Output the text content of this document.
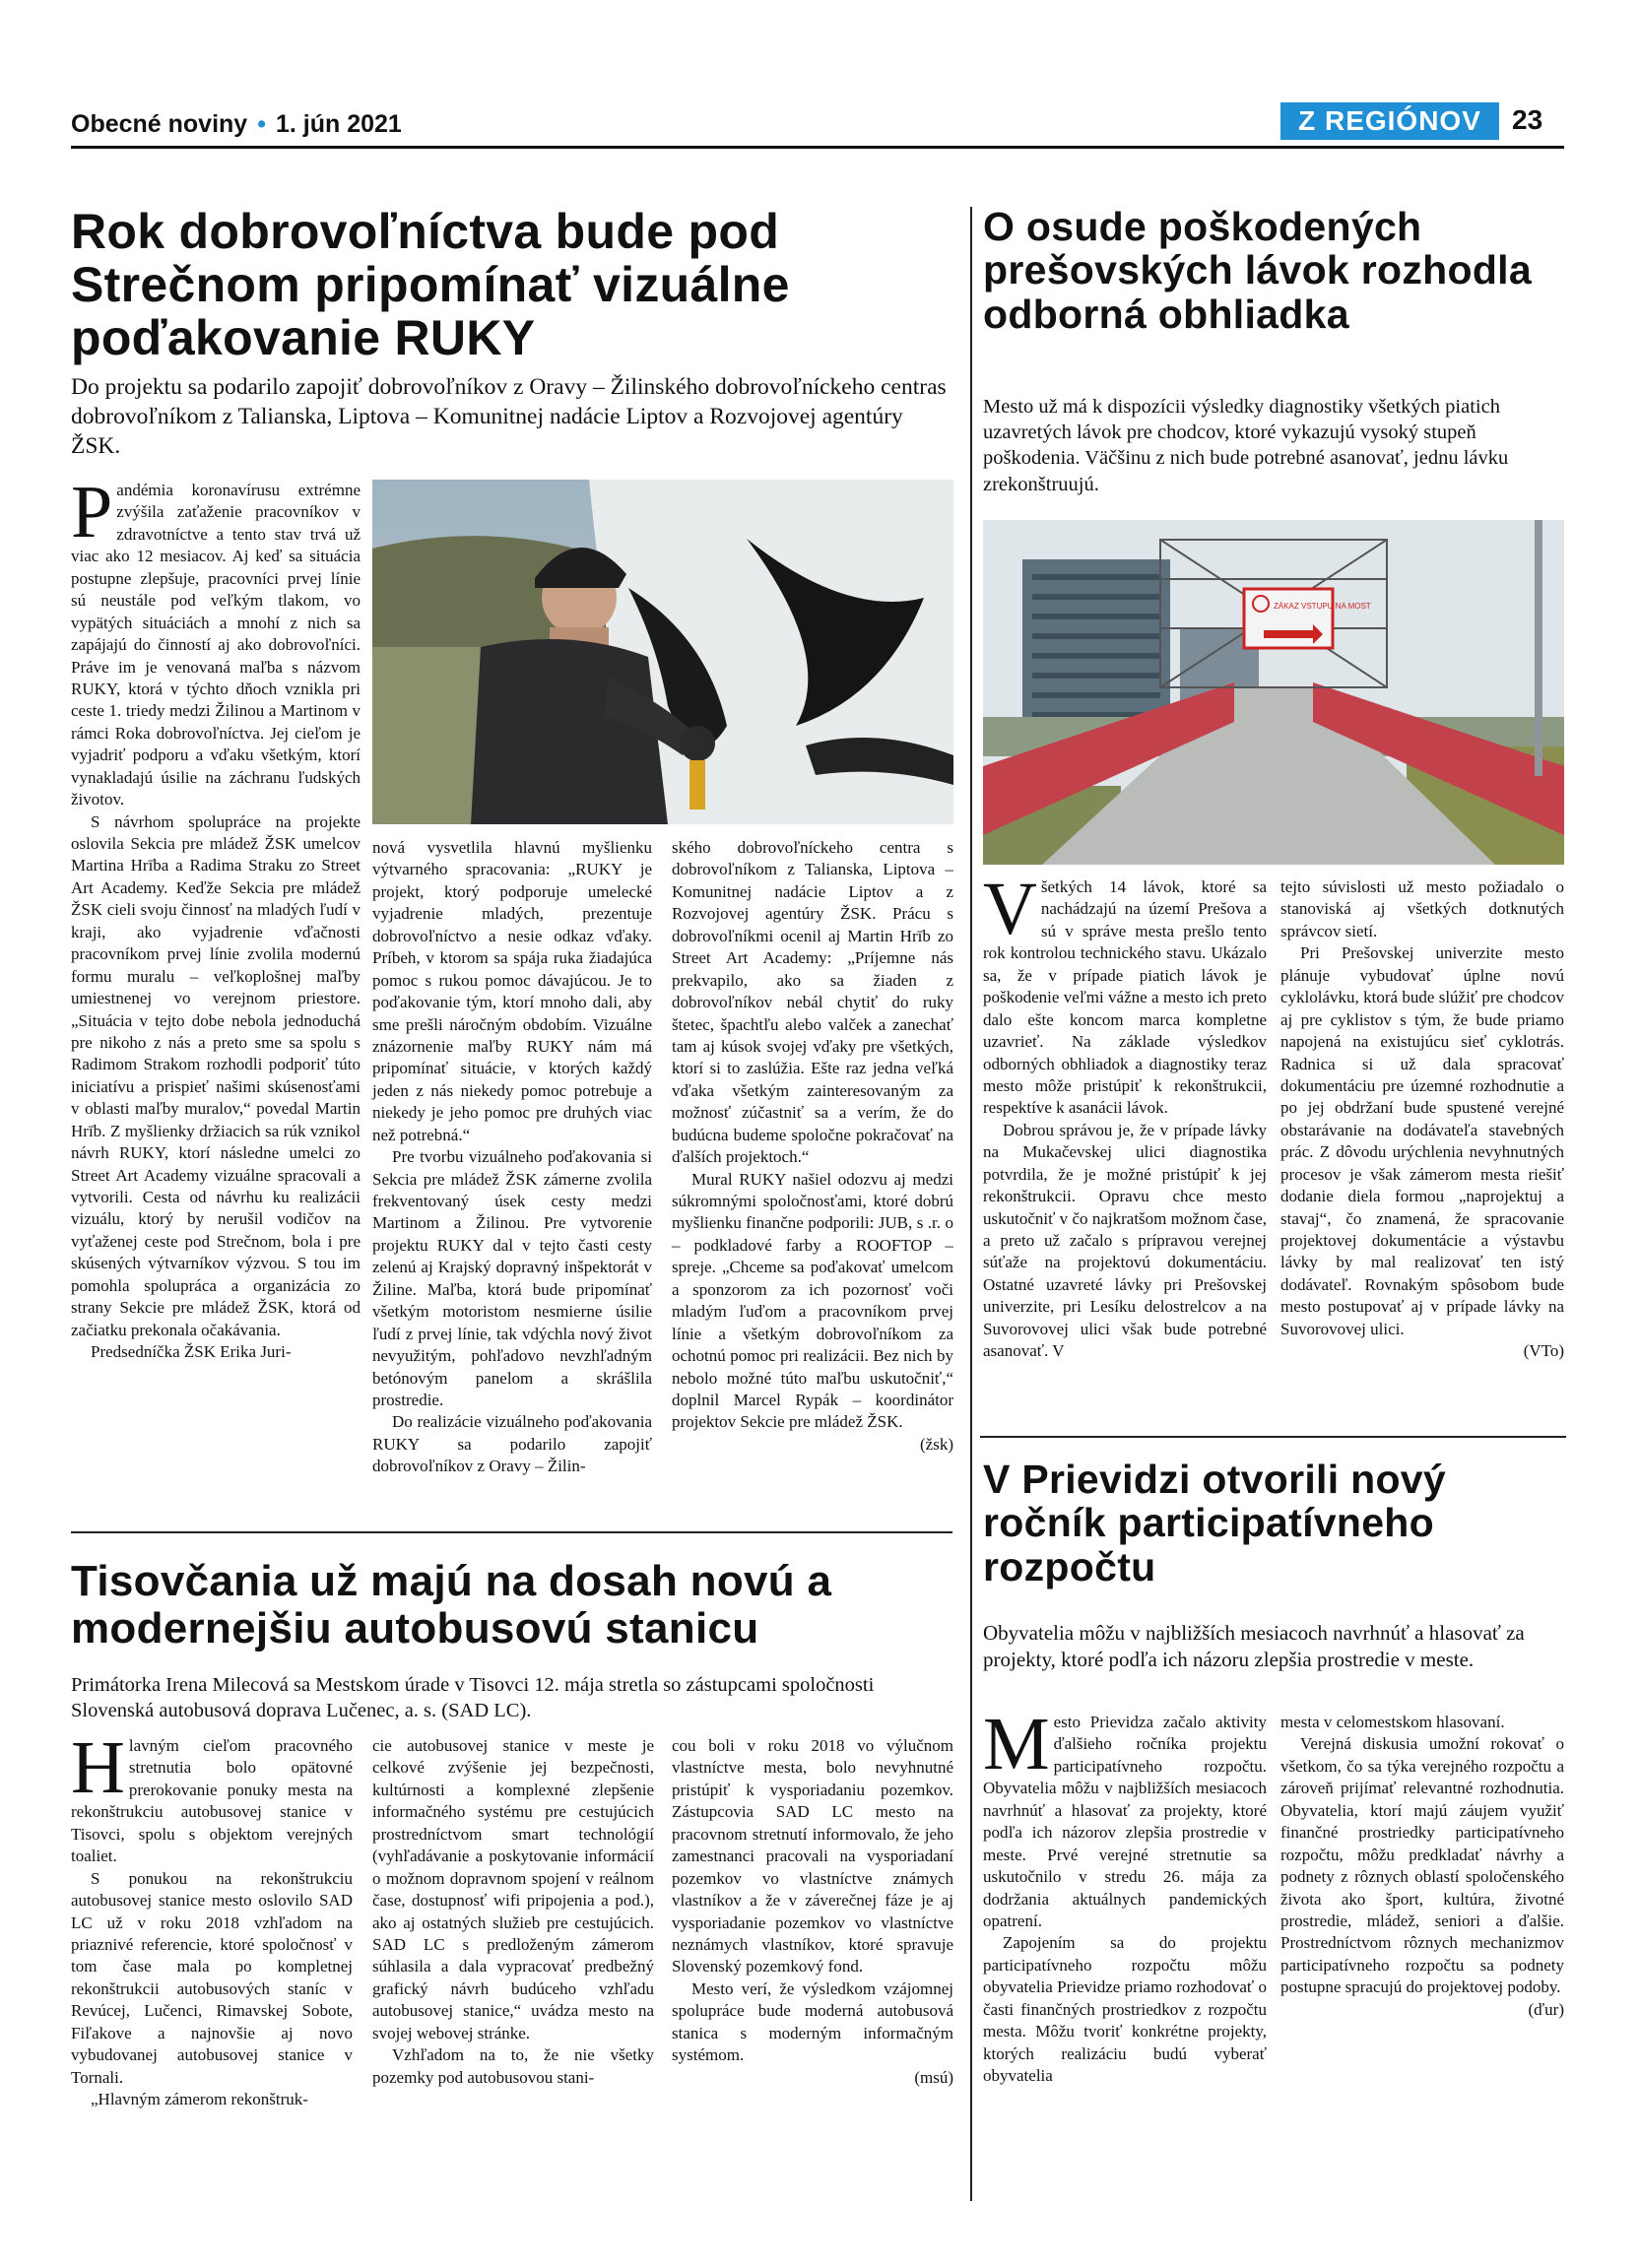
Obecné noviny • 1. jún 2021	Z REGIÓNOV	23
Rok dobrovoľníctva bude pod Strečnom pripomínať vizuálne poďakovanie RUKY
Do projektu sa podarilo zapojiť dobrovoľníkov z Oravy – Žilinského dobrovoľníckeho centras dobrovoľníkom z Talianska, Liptova – Komunitnej nadácie Liptov a Rozvojovej agentúry ŽSK.

Pandémia koronavírusu extrémne zvýšila zaťaženie pracovníkov v zdravotníctve a tento stav trvá už viac ako 12 mesiacov. Aj keď sa situácia postupne zlepšuje, pracovníci prvej línie sú neustále pod veľkým tlakom, vo vypätých situáciách a mnohí z nich sa zapájajú do činností aj ako dobrovoľníci. Práve im je venovaná maľba s názvom RUKY, ktorá v týchto dňoch vznikla pri ceste 1. triedy medzi Žilinou a Martinom v rámci Roka dobrovoľníctva. Jej cieľom je vyjadriť podporu a vďaku všetkým, ktorí vynakladajú úsilie na záchranu ľudských životov.

S návrhom spolupráce na projekte oslovila Sekcia pre mládež ŽSK umelcov Martina Hrība a Radima Straku zo Street Art Academy. Keďže Sekcia pre mládež ŽSK cieli svoju činnosť na mladých ľudí v kraji, ako vyjadrenie vďačnosti pracovníkom prvej línie zvolila modernú formu muralu – veľkoplošnej maľby umiestnenej vo verejnom priestore. „Situácia v tejto dobe nebola jednoduchá pre nikoho z nás a preto sme sa spolu s Radimom Strakom rozhodli podporiť túto iniciatívu a prispieť našimi skúsenosťami v oblasti maľby muralov,“ povedal Martin Hrīb. Z myšlienky držiacich sa rúk vznikol návrh RUKY, ktorí následne umelci zo Street Art Academy vizuálne spracovali a vytvorili. Cesta od návrhu ku realizácii vizuálu, ktorý by nerušil vodičov na vyťaženej ceste pod Strečnom, bola i pre skúsených výtvarníkov výzvou. S tou im pomohla spolupráca a organizácia zo strany Sekcie pre mládež ŽSK, ktorá od začiatku prekonala očakávania.

Predsedníčka ŽSK Erika Juri-

nová vysvetlila hlavnú myšlienku výtvarného spracovania: „RUKY je projekt, ktorý podporuje umelecké vyjadrenie mladých, prezentuje dobrovoľníctvo a nesie odkaz vďaky. Príbeh, v ktorom sa spája ruka žiadajúca pomoc s rukou pomoc dávajúcou. Je to poďakovanie tým, ktorí mnoho dali, aby sme prešli náročným obdobím. Vizuálne znázornenie maľby RUKY nám má pripomínať situácie, v ktorých každý jeden z nás niekedy pomoc potrebuje a niekedy je jeho pomoc pre druhých viac než potrebná.“

Pre tvorbu vizuálneho poďakovania si Sekcia pre mládež ŽSK zámerne zvolila frekventovaný úsek cesty medzi Martinom a Žilinou. Pre vytvorenie projektu RUKY dal v tejto časti cesty zelenú aj Krajský dopravný inšpektorát v Žiline. Maľba, ktorá bude pripomínať všetkým motoristom nesmierne úsilie ľudí z prvej línie, tak vdýchla nový život nevyužitým, pohľadovo nevzhľadným betónovým panelom a skrášlila prostredie.

Do realizácie vizuálneho poďakovania RUKY sa podarilo zapojiť dobrovoľníkov z Oravy – Žilin-

ského dobrovoľníckeho centra s dobrovoľníkom z Talianska, Liptova – Komunitnej nadácie Liptov a z Rozvojovej agentúry ŽSK. Prácu s dobrovoľníkmi ocenil aj Martin Hrīb zo Street Art Academy: „Príjemne nás prekvapilo, ako sa žiaden z dobrovoľníkov nebál chytiť do ruky štetec, špachtľu alebo valček a zanechať tam aj kúsok svojej vďaky pre všetkých, ktorí si to zaslúžia. Ešte raz jedna veľká vďaka všetkým zainteresovaným za možnosť zúčastniť sa a verím, že do budúcna budeme spoločne pokračovať na ďalších projektoch.“

Mural RUKY našiel odozvu aj medzi súkromnými spoločnosťami, ktoré dobrú myšlienku finančne podporili: JUB, s .r. o – podkladové farby a ROOFTOP – spreje. „Chceme sa poďakovať umelcom a sponzorom za ich pozornosť voči mladým ľuďom a pracovníkom prvej línie a všetkým dobrovoľníkom za ochotnú pomoc pri realizácii. Bez nich by nebolo možné túto maľbu uskutočniť,“ doplnil Marcel Rypák – koordinátor projektov Sekcie pre mládež ŽSK.

(žsk)
O osude poškodených prešovských lávok rozhodla odborná obhliadka
Mesto už má k dispozícii výsledky diagnostiky všetkých piatich uzavretých lávok pre chodcov, ktoré vykazujú vysoký stupeň poškodenia. Väčšinu z nich bude potrebné asanovať, jednu lávku zrekonštruujú.
ZÁKAZ VSTUPU NA MOST

Všetkých 14 lávok, ktoré sa nachádzajú na území Prešova a sú v správe mesta prešlo tento rok kontrolou technického stavu. Ukázalo sa, že v prípade piatich lávok je poškodenie veľmi vážne a mesto ich preto dalo ešte koncom marca kompletne uzavrieť. Na základe výsledkov odborných obhliadok a diagnostiky teraz mesto môže pristúpiť k rekonštrukcii, respektíve k asanácii lávok.

Dobrou správou je, že v prípade lávky na Mukačevskej ulici diagnostika potvrdila, že je možné pristúpiť k jej rekonštrukcii. Opravu chce mesto uskutočniť v čo najkratšom možnom čase, a preto už začalo s prípravou verejnej súťaže na projektovú dokumentáciu. Ostatné uzavreté lávky pri Prešovskej univerzite, pri Lesíku delostrelcov a na Suvorovovej ulici však bude potrebné asanovať. V

tejto súvislosti už mesto požiadalo o stanoviská aj všetkých dotknutých správcov sietí.

Pri Prešovskej univerzite mesto plánuje vybudovať úplne novú cyklolávku, ktorá bude slúžiť pre chodcov aj pre cyklistov s tým, že bude priamo napojená na existujúcu sieť cyklotrás. Radnica si už dala spracovať dokumentáciu pre územné rozhodnutie a po jej obdržaní bude spustené verejné obstarávanie na dodávateľa stavebných prác. Z dôvodu urýchlenia nevyhnutných procesov je však zámerom mesta riešiť dodanie diela formou „naprojektuj a stavaj“, čo znamená, že spracovanie projektovej dokumentácie a výstavbu lávky by mal realizovať ten istý dodávateľ. Rovnakým spôsobom bude mesto postupovať aj v prípade lávky na Suvorovovej ulici.

(VTo)
V Prievidzi otvorili nový ročník participatívneho rozpočtu
Obyvatelia môžu v najbližších mesiacoch navrhnúť a hlasovať za projekty, ktoré podľa ich názoru zlepšia prostredie v meste.

Mesto Prievidza začalo aktivity ďalšieho ročníka projektu participatívneho rozpočtu. Obyvatelia môžu v najbližších mesiacoch navrhnúť a hlasovať za projekty, ktoré podľa ich názorov zlepšia prostredie v meste. Prvé verejné stretnutie sa uskutočnilo v stredu 26. mája za dodržania aktuálnych pandemických opatrení.

Zapojením sa do projektu participatívneho rozpočtu môžu obyvatelia Prievidze priamo rozhodovať o časti finančných prostriedkov z rozpočtu mesta. Môžu tvoriť konkrétne projekty, ktorých realizáciu budú vyberať obyvatelia

mesta v celomestskom hlasovaní.

Verejná diskusia umožní rokovať o všetkom, čo sa týka verejného rozpočtu a zároveň prijímať relevantné rozhodnutia. Obyvatelia, ktorí majú záujem využiť finančné prostriedky participatívneho rozpočtu, môžu predkladať návrhy a podnety z rôznych oblastí spoločenského života ako šport, kultúra, životné prostredie, mládež, seniori a ďalšie. Prostredníctvom rôznych mechanizmov participatívneho rozpočtu sa podnety postupne spracujú do projektovej podoby.

(ďur)
Tisovčania už majú na dosah novú a modernejšiu autobusovú stanicu
Primátorka Irena Milecová sa Mestskom úrade v Tisovci 12. mája stretla so zástupcami spoločnosti Slovenská autobusová doprava Lučenec, a. s. (SAD LC).

Hlavným cieľom pracovného stretnutia bolo opätovné prerokovanie ponuky mesta na rekonštrukciu autobusovej stanice v Tisovci, spolu s objektom verejných toaliet.

S ponukou na rekonštrukciu autobusovej stanice mesto oslovilo SAD LC už v roku 2018 vzhľadom na priaznivé referencie, ktoré spoločnosť v tom čase mala po kompletnej rekonštrukcii autobusových staníc v Revúcej, Lučenci, Rimavskej Sobote, Fiľakove a najnovšie aj novo vybudovanej autobusovej stanice v Tornali.

„Hlavným zámerom rekonštruk-

cie autobusovej stanice v meste je celkové zvýšenie jej bezpečnosti, kultúrnosti a komplexné zlepšenie informačného systému pre cestujúcich prostredníctvom smart technológií (vyhľadávanie a poskytovanie informácií o možnom dopravnom spojení v reálnom čase, dostupnosť wifi pripojenia a pod.), ako aj ostatných služieb pre cestujúcich. SAD LC s predloženým zámerom súhlasila a dala vypracovať predbežný grafický návrh budúceho vzhľadu autobusovej stanice,“ uvádza mesto na svojej webovej stránke.

Vzhľadom na to, že nie všetky pozemky pod autobusovou stani-

cou boli v roku 2018 vo výlučnom vlastníctve mesta, bolo nevyhnutné pristúpiť k vysporiadaniu pozemkov. Zástupcovia SAD LC mesto na pracovnom stretnutí informovalo, že jeho zamestnanci pracovali na vysporiadaní pozemkov vo vlastníctve známych vlastníkov a že v záverečnej fáze je aj vysporiadanie pozemkov vo vlastníctve neznámych vlastníkov, ktoré spravuje Slovenský pozemkový fond.

Mesto verí, že výsledkom vzájomnej spolupráce bude moderná autobusová stanica s moderným informačným systémom.

(msú)
